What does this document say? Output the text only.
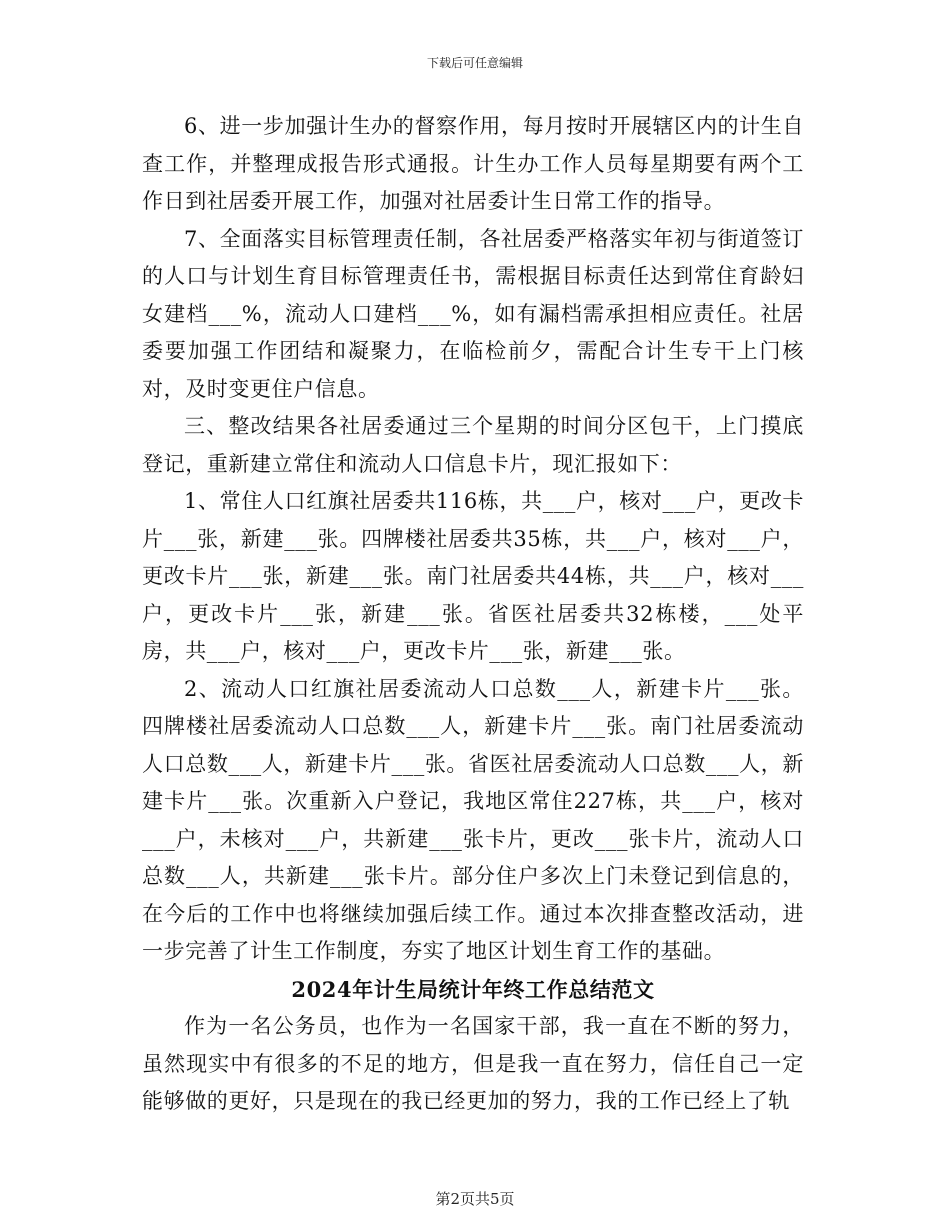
下载后可任意编辑

6、进一步加强计生办的督察作用，每月按时开展辖区内的计生自查工作，并整理成报告形式通报。计生办工作人员每星期要有两个工作日到社居委开展工作，加强对社居委计生日常工作的指导。

7、全面落实目标管理责任制，各社居委严格落实年初与街道签订的人口与计划生育目标管理责任书，需根据目标责任达到常住育龄妇女建档___%，流动人口建档___%，如有漏档需承担相应责任。社居委要加强工作团结和凝聚力，在临检前夕，需配合计生专干上门核对，及时变更住户信息。

三、整改结果各社居委通过三个星期的时间分区包干，上门摸底登记，重新建立常住和流动人口信息卡片，现汇报如下：

1、常住人口红旗社居委共116栋，共___户，核对___户，更改卡片___张，新建___张。四牌楼社居委共35栋，共___户，核对___户，更改卡片___张，新建___张。南门社居委共44栋，共___户，核对___户，更改卡片___张，新建___张。省医社居委共32栋楼，___处平房，共___户，核对___户，更改卡片___张，新建___张。

2、流动人口红旗社居委流动人口总数___人，新建卡片___张。四牌楼社居委流动人口总数___人，新建卡片___张。南门社居委流动人口总数___人，新建卡片___张。省医社居委流动人口总数___人，新建卡片___张。次重新入户登记，我地区常住227栋，共___户，核对___户，未核对___户，共新建___张卡片，更改___张卡片，流动人口总数___人，共新建___张卡片。部分住户多次上门未登记到信息的，在今后的工作中也将继续加强后续工作。通过本次排查整改活动，进一步完善了计生工作制度，夯实了地区计划生育工作的基础。

2024年计生局统计年终工作总结范文

作为一名公务员，也作为一名国家干部，我一直在不断的努力，虽然现实中有很多的不足的地方，但是我一直在努力，信任自己一定能够做的更好，只是现在的我已经更加的努力，我的工作已经上了轨

第2页共5页
